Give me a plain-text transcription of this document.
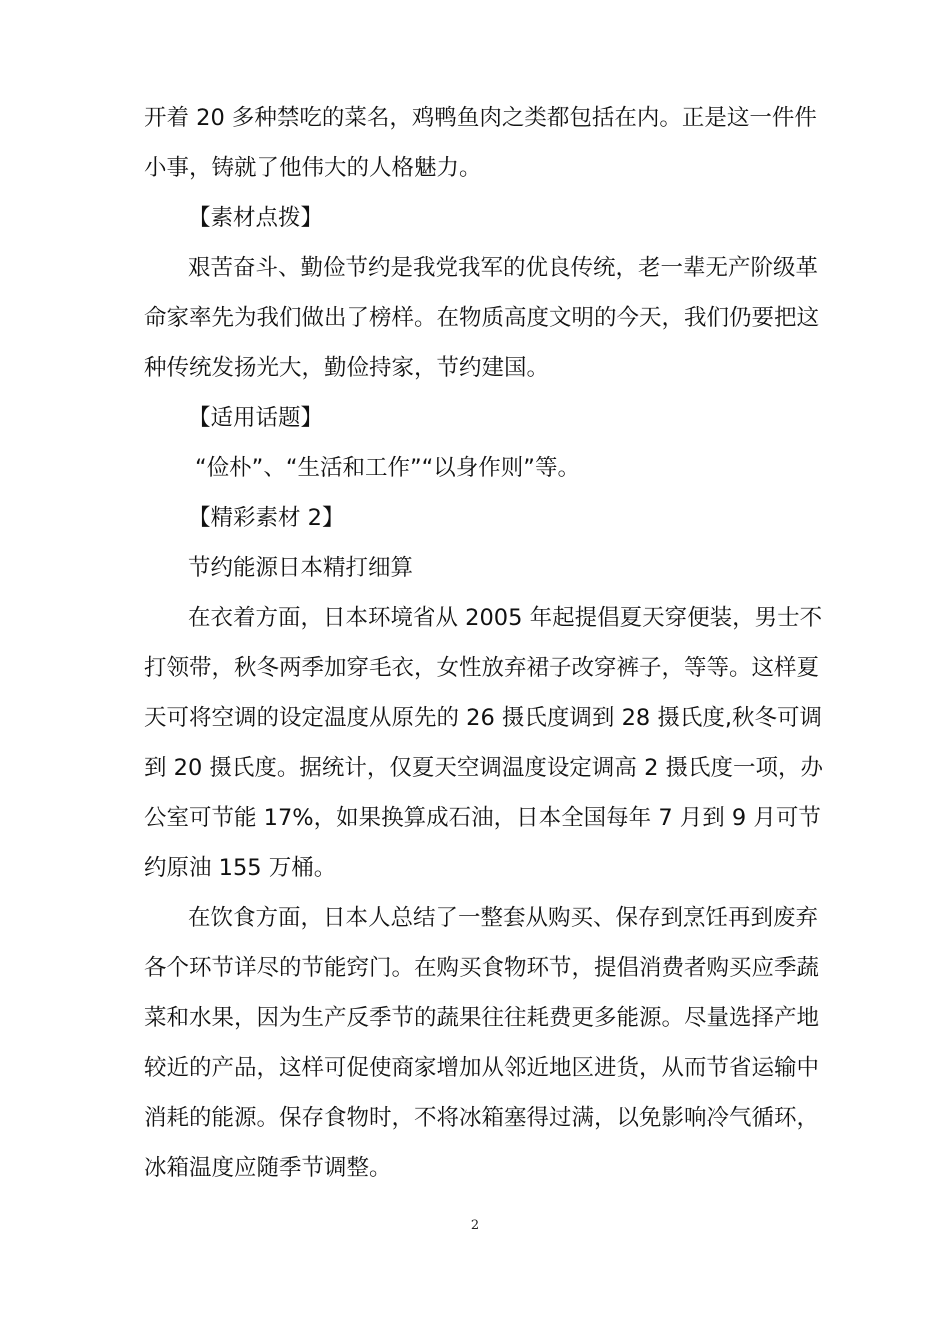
开着 20 多种禁吃的菜名，鸡鸭鱼肉之类都包括在内。正是这一件件
小事，铸就了他伟大的人格魅力。
【素材点拨】
艰苦奋斗、勤俭节约是我党我军的优良传统，老一辈无产阶级革
命家率先为我们做出了榜样。在物质高度文明的今天，我们仍要把这
种传统发扬光大，勤俭持家，节约建国。
【适用话题】
“俭朴”、“生活和工作”“以身作则”等。
【精彩素材 2】
节约能源日本精打细算
在衣着方面，日本环境省从 2005 年起提倡夏天穿便装，男士不
打领带，秋冬两季加穿毛衣，女性放弃裙子改穿裤子，等等。这样夏
天可将空调的设定温度从原先的 26 摄氏度调到 28 摄氏度,秋冬可调
到 20 摄氏度。据统计，仅夏天空调温度设定调高 2 摄氏度一项，办
公室可节能 17%，如果换算成石油，日本全国每年 7 月到 9 月可节
约原油 155 万桶。
在饮食方面，日本人总结了一整套从购买、保存到烹饪再到废弃
各个环节详尽的节能窍门。在购买食物环节，提倡消费者购买应季蔬
菜和水果，因为生产反季节的蔬果往往耗费更多能源。尽量选择产地
较近的产品，这样可促使商家增加从邻近地区进货，从而节省运输中
消耗的能源。保存食物时，不将冰箱塞得过满，以免影响冷气循环，
冰箱温度应随季节调整。
2
